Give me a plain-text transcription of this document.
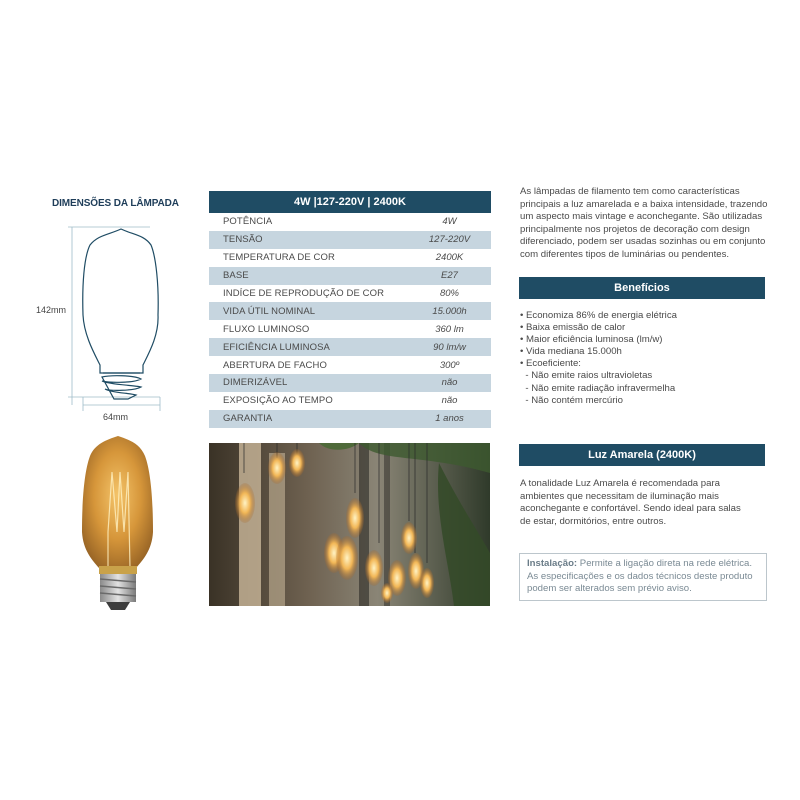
DIMENSÕES DA LÂMPADA
142mm
64mm
4W |127-220V | 2400K
POTÊNCIA	4W
TENSÃO	127-220V
TEMPERATURA DE COR	2400K
BASE	E27
INDÍCE DE REPRODUÇÃO DE COR	80%
VIDA ÚTIL NOMINAL	15.000h
FLUXO LUMINOSO	360 lm
EFICIÊNCIA LUMINOSA	90 lm/w
ABERTURA DE FACHO	300º
DIMERIZÁVEL	não
EXPOSIÇÃO AO TEMPO	não
GARANTIA	1 anos
As lâmpadas de filamento tem como características
principais a luz amarelada e a baixa intensidade, trazendo
um aspecto mais vintage e aconchegante. São utilizadas
principalmente nos projetos de decoração com design
diferenciado, podem ser usadas sozinhas ou em conjunto
com diferentes tipos de luminárias ou pendentes.
Benefícios
• Economiza 86% de energia elétrica
• Baixa emissão de calor
• Maior eficiência luminosa (lm/w)
• Vida mediana 15.000h
• Ecoeficiente:
- Não emite raios ultravioletas
- Não emite radiação infravermelha
- Não contém mercúrio
Luz Amarela (2400K)
A tonalidade Luz Amarela é recomendada para
ambientes que necessitam de iluminação mais
aconchegante e confortável. Sendo ideal para salas
de estar, dormitórios, entre outros.
Instalação: Permite a ligação direta na rede elétrica.
As especificações e os dados técnicos deste produto
podem ser alterados sem prévio aviso.
